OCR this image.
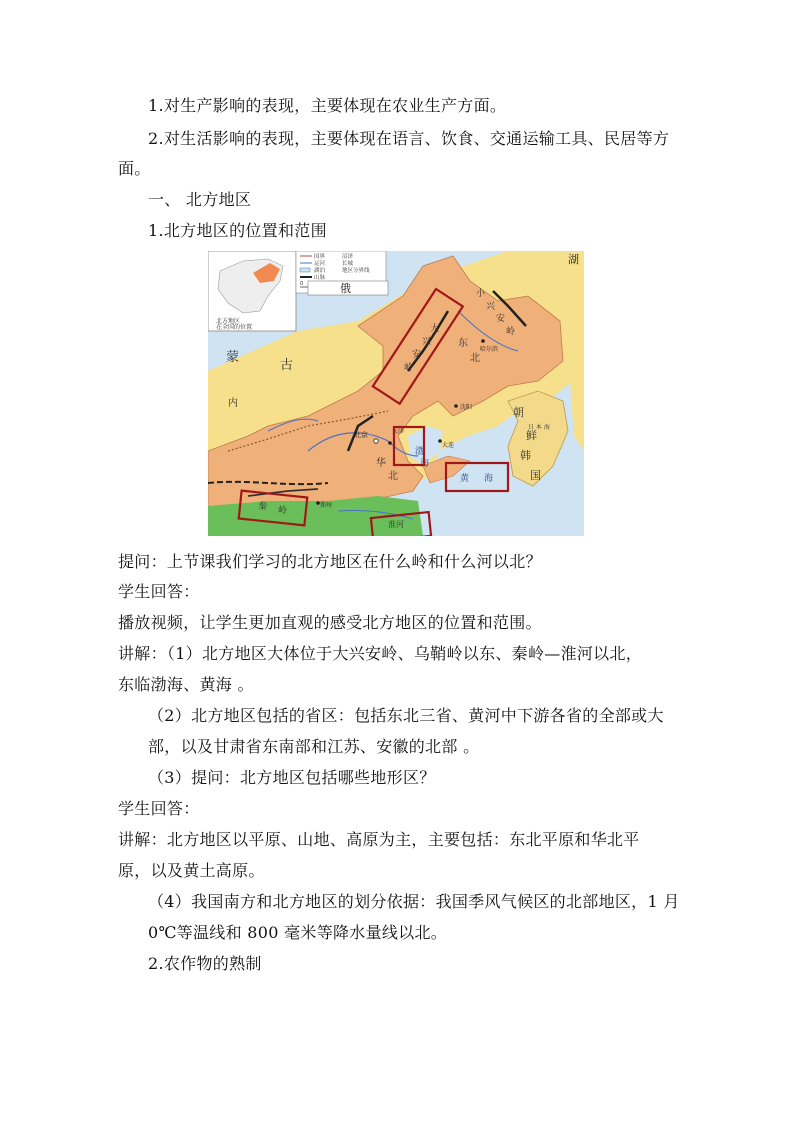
1.对生产影响的表现，主要体现在农业生产方面。
2.对生活影响的表现，主要体现在语言、饮食、交通运输工具、民居等方
面。
一、 北方地区
1.北方地区的位置和范围
北方地区
在全国的位置
国界
运河
湖泊
山脉
沼泽
长城
地区分界线
0	俄
湖
蒙
古
内
朝
鲜
韩
国
日 本 海
大
兴
安
岭
小
兴
安
岭
东
北
华
北
北京	天津
大连
沈阳
哈尔滨
郑州
渤
海
黄 海
秦 岭
淮河
提问：上节课我们学习的北方地区在什么岭和什么河以北？
学生回答：
播放视频，让学生更加直观的感受北方地区的位置和范围。
讲解：（1）北方地区大体位于大兴安岭、乌鞘岭以东、秦岭—淮河以北，
东临渤海、黄海 。
（2）北方地区包括的省区：包括东北三省、黄河中下游各省的全部或大
部，以及甘肃省东南部和江苏、安徽的北部 。
（3）提问：北方地区包括哪些地形区？
学生回答：
讲解：北方地区以平原、山地、高原为主，主要包括：东北平原和华北平
原，以及黄土高原。
（4）我国南方和北方地区的划分依据：我国季风气候区的北部地区，1 月
0℃等温线和 800 毫米等降水量线以北。
2.农作物的熟制
